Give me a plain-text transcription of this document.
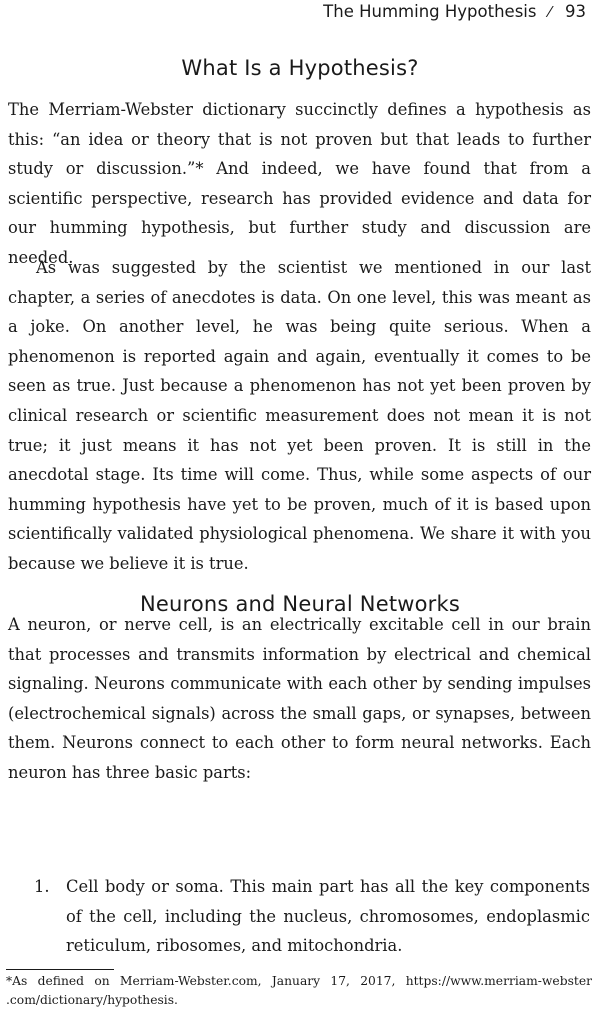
The Humming Hypothesis ⁄ 93
What Is a Hypothesis?

The Merriam-Webster dictionary succinctly defines a hypothesis as this: “an idea or theory that is not proven but that leads to further study or discussion.”* And indeed, we have found that from a scientific perspective, research has provided evidence and data for our humming hypothesis, but further study and discussion are needed.

As was suggested by the scientist we mentioned in our last chapter, a series of anecdotes is data. On one level, this was meant as a joke. On another level, he was being quite serious. When a phenomenon is reported again and again, eventually it comes to be seen as true. Just because a phenomenon has not yet been proven by clinical research or scientific measurement does not mean it is not true; it just means it has not yet been proven. It is still in the anecdotal stage. Its time will come. Thus, while some aspects of our humming hypothesis have yet to be proven, much of it is based upon scientifically validated physiological phenomena. We share it with you because we believe it is true.

Neurons and Neural Networks

A neuron, or nerve cell, is an electrically excitable cell in our brain that processes and transmits information by electrical and chemical signaling. Neurons communicate with each other by sending impulses (electrochemical signals) across the small gaps, or synapses, between them. Neurons connect to each other to form neural networks. Each neuron has three basic parts:

1. Cell body or soma. This main part has all the key components of the cell, including the nucleus, chromosomes, endoplasmic reticulum, ribosomes, and mitochondria.

*As defined on Merriam-Webster.com, January 17, 2017, https://www.merriam-webster .com/dictionary/hypothesis.
